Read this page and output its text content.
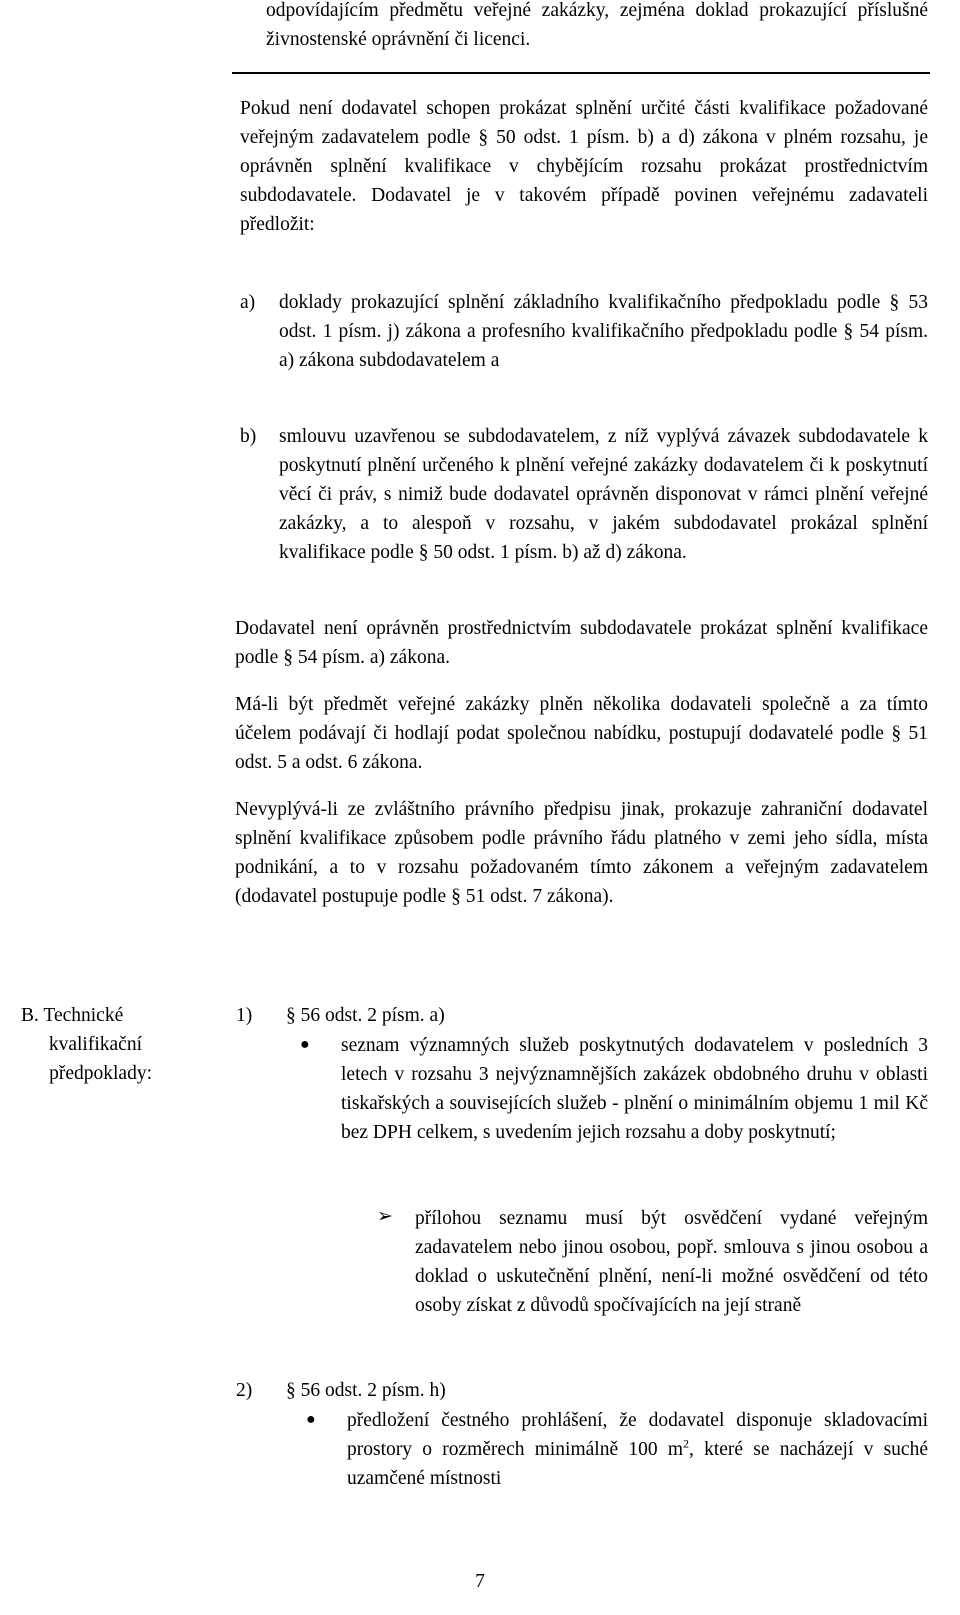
odpovídajícím předmětu veřejné zakázky, zejména doklad prokazující příslušné živnostenské oprávnění či licenci.

Pokud není dodavatel schopen prokázat splnění určité části kvalifikace požadované veřejným zadavatelem podle § 50 odst. 1 písm. b) a d) zákona v plném rozsahu, je oprávněn splnění kvalifikace v chybějícím rozsahu prokázat prostřednictvím subdodavatele. Dodavatel je v takovém případě povinen veřejnému zadavateli předložit:

a) doklady prokazující splnění základního kvalifikačního předpokladu podle § 53 odst. 1 písm. j) zákona a profesního kvalifikačního předpokladu podle § 54 písm. a) zákona subdodavatelem a

b) smlouvu uzavřenou se subdodavatelem, z níž vyplývá závazek subdodavatele k poskytnutí plnění určeného k plnění veřejné zakázky dodavatelem či k poskytnutí věcí či práv, s nimiž bude dodavatel oprávněn disponovat v rámci plnění veřejné zakázky, a to alespoň v rozsahu, v jakém subdodavatel prokázal splnění kvalifikace podle § 50 odst. 1 písm. b) až d) zákona.

Dodavatel není oprávněn prostřednictvím subdodavatele prokázat splnění kvalifikace podle § 54 písm. a) zákona.

Má-li být předmět veřejné zakázky plněn několika dodavateli společně a za tímto účelem podávají či hodlají podat společnou nabídku, postupují dodavatelé podle § 51 odst. 5 a odst. 6 zákona.

Nevyplývá-li ze zvláštního právního předpisu jinak, prokazuje zahraniční dodavatel splnění kvalifikace způsobem podle právního řádu platného v zemi jeho sídla, místa podnikání, a to v rozsahu požadovaném tímto zákonem a veřejným zadavatelem (dodavatel postupuje podle § 51 odst. 7 zákona).

B. Technické
kvalifikační
předpoklady:
1) § 56 odst. 2 písm. a)
● seznam významných služeb poskytnutých dodavatelem v posledních 3 letech v rozsahu 3 nejvýznamnějších zakázek obdobného druhu v oblasti tiskařských a souvisejících služeb - plnění o minimálním objemu 1 mil Kč bez DPH celkem, s uvedením jejich rozsahu a doby poskytnutí;

➢ přílohou seznamu musí být osvědčení vydané veřejným zadavatelem nebo jinou osobou, popř. smlouva s jinou osobou a doklad o uskutečnění plnění, není-li možné osvědčení od této osoby získat z důvodů spočívajících na její straně

2) § 56 odst. 2 písm. h)
● předložení čestného prohlášení, že dodavatel disponuje skladovacími prostory o rozměrech minimálně 100 $m^2$, které se nacházejí v suché uzamčené místnosti

7
